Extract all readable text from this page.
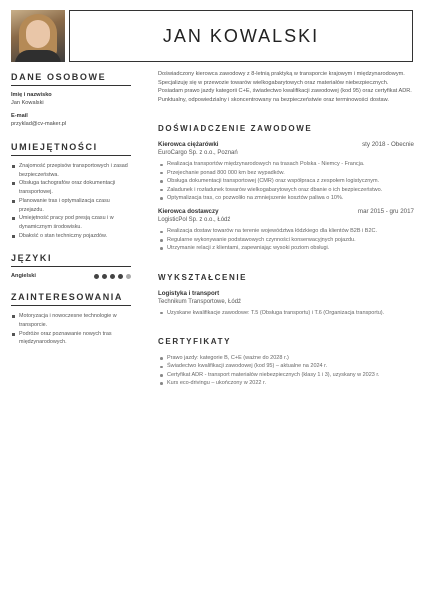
JAN KOWALSKI
DANE OSOBOWE
Imię i nazwisko
Jan Kowalski
E-mail
przyklad@cv-maker.pl
UMIEJĘTNOŚCI
Znajomość przepisów transportowych i zasad bezpieczeństwa.
Obsługa tachografów oraz dokumentacji transportowej.
Planowanie tras i optymalizacja czasu przejazdu.
Umiejętność pracy pod presją czasu i w dynamicznym środowisku.
Dbałość o stan techniczny pojazdów.
JĘZYKI
Angielski
ZAINTERESOWANIA
Motoryzacja i nowoczesne technologie w transporcie.
Podróże oraz poznawanie nowych tras międzynarodowych.

Doświadczony kierowca zawodowy z 8-letnią praktyką w transporcie krajowym i międzynarodowym. Specjalizuję się w przewozie towarów wielkogabarytowych oraz materiałów niebezpiecznych. Posiadam prawo jazdy kategorii C+E, świadectwo kwalifikacji zawodowej (kod 95) oraz certyfikat ADR. Punktualny, odpowiedzialny i skoncentrowany na bezpieczeństwie oraz terminowości dostaw.

DOŚWIADCZENIE ZAWODOWE
Kierowca ciężarówki	sty 2018 - Obecnie
EuroCargo Sp. z o.o., Poznań
Realizacja transportów międzynarodowych na trasach Polska - Niemcy - Francja.
Przejechanie ponad 800 000 km bez wypadków.
Obsługa dokumentacji transportowej (CMR) oraz współpraca z zespołem logistycznym.
Załadunek i rozładunek towarów wielkogabarytowych oraz dbanie o ich bezpieczeństwo.
Optymalizacja tras, co pozwoliło na zmniejszenie kosztów paliwa o 10%.
Kierowca dostawczy	mar 2015 - gru 2017
LogisticPol Sp. z o.o., Łódź
Realizacja dostaw towarów na terenie województwa łódzkiego dla klientów B2B i B2C.
Regularne wykonywanie podstawowych czynności konserwacyjnych pojazdu.
Utrzymanie relacji z klientami, zapewniając wysoki poziom obsługi.
WYKSZTAŁCENIE
Logistyka i transport
Technikum Transportowe, Łódź
Uzyskane kwalifikacje zawodowe: T.5 (Obsługa transportu) i T.6 (Organizacja transportu).
CERTYFIKATY
Prawo jazdy: kategorie B, C+E (ważne do 2028 r.)
Świadectwo kwalifikacji zawodowej (kod 95) – aktualne na 2024 r.
Certyfikat ADR - transport materiałów niebezpiecznych (klasy 1 i 3), uzyskany w 2023 r.
Kurs eco-drivingu – ukończony w 2022 r.
